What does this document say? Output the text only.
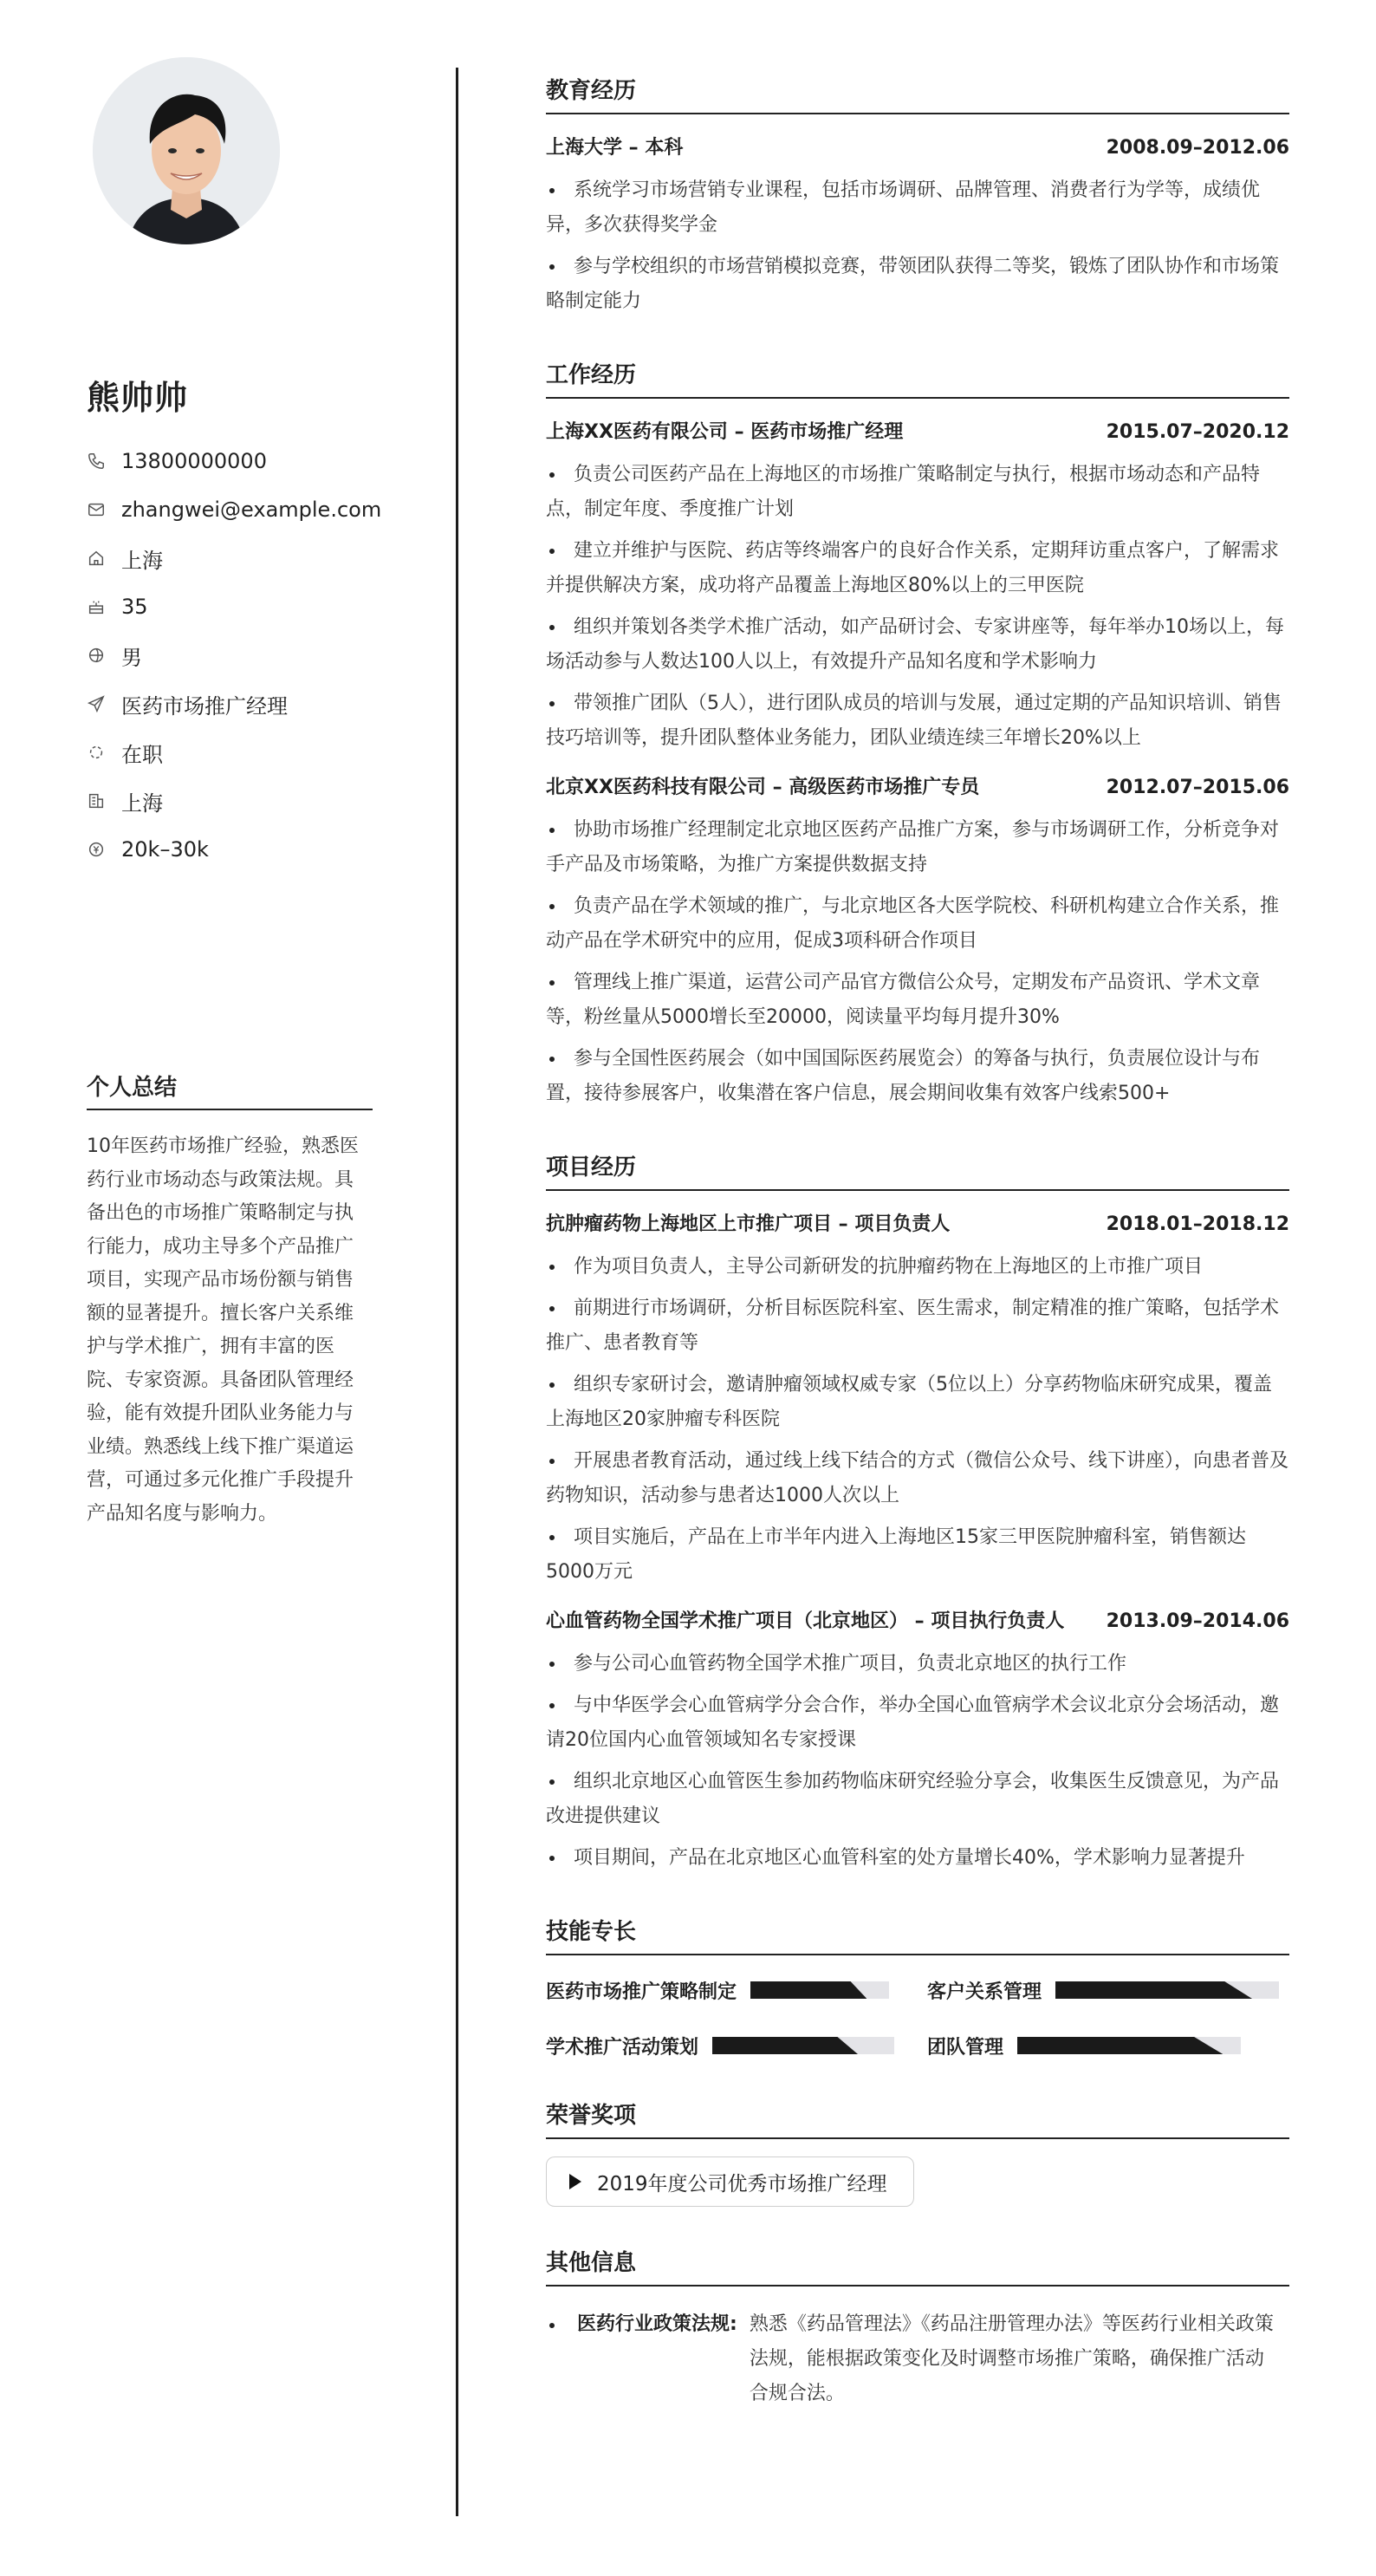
熊帅帅
13800000000
zhangwei@example.com
上海
35
男
医药市场推广经理
在职
上海
20k–30k
个人总结
10年医药市场推广经验，熟悉医药行业市场动态与政策法规。具备出色的市场推广策略制定与执行能力，成功主导多个产品推广项目，实现产品市场份额与销售额的显著提升。擅长客户关系维护与学术推广，拥有丰富的医院、专家资源。具备团队管理经验，能有效提升团队业务能力与业绩。熟悉线上线下推广渠道运营，可通过多元化推广手段提升产品知名度与影响力。
教育经历
上海大学 – 本科	2008.09–2012.06
系统学习市场营销专业课程，包括市场调研、品牌管理、消费者行为学等，成绩优异，多次获得奖学金
参与学校组织的市场营销模拟竞赛，带领团队获得二等奖，锻炼了团队协作和市场策略制定能力
工作经历
上海XX医药有限公司 – 医药市场推广经理	2015.07–2020.12
负责公司医药产品在上海地区的市场推广策略制定与执行，根据市场动态和产品特点，制定年度、季度推广计划
建立并维护与医院、药店等终端客户的良好合作关系，定期拜访重点客户，了解需求并提供解决方案，成功将产品覆盖上海地区80%以上的三甲医院
组织并策划各类学术推广活动，如产品研讨会、专家讲座等，每年举办10场以上，每场活动参与人数达100人以上，有效提升产品知名度和学术影响力
带领推广团队（5人），进行团队成员的培训与发展，通过定期的产品知识培训、销售技巧培训等，提升团队整体业务能力，团队业绩连续三年增长20%以上
北京XX医药科技有限公司 – 高级医药市场推广专员	2012.07–2015.06
协助市场推广经理制定北京地区医药产品推广方案，参与市场调研工作，分析竞争对手产品及市场策略，为推广方案提供数据支持
负责产品在学术领域的推广，与北京地区各大医学院校、科研机构建立合作关系，推动产品在学术研究中的应用，促成3项科研合作项目
管理线上推广渠道，运营公司产品官方微信公众号，定期发布产品资讯、学术文章等，粉丝量从5000增长至20000，阅读量平均每月提升30%
参与全国性医药展会（如中国国际医药展览会）的筹备与执行，负责展位设计与布置，接待参展客户，收集潜在客户信息，展会期间收集有效客户线索500+
项目经历
抗肿瘤药物上海地区上市推广项目 – 项目负责人	2018.01–2018.12
作为项目负责人，主导公司新研发的抗肿瘤药物在上海地区的上市推广项目
前期进行市场调研，分析目标医院科室、医生需求，制定精准的推广策略，包括学术推广、患者教育等
组织专家研讨会，邀请肿瘤领域权威专家（5位以上）分享药物临床研究成果，覆盖上海地区20家肿瘤专科医院
开展患者教育活动，通过线上线下结合的方式（微信公众号、线下讲座），向患者普及药物知识，活动参与患者达1000人次以上
项目实施后，产品在上市半年内进入上海地区15家三甲医院肿瘤科室，销售额达5000万元
心血管药物全国学术推广项目（北京地区） – 项目执行负责人 2013.09–2014.06
参与公司心血管药物全国学术推广项目，负责北京地区的执行工作
与中华医学会心血管病学分会合作，举办全国心血管病学术会议北京分会场活动，邀请20位国内心血管领域知名专家授课
组织北京地区心血管医生参加药物临床研究经验分享会，收集医生反馈意见，为产品改进提供建议
项目期间，产品在北京地区心血管科室的处方量增长40%，学术影响力显著提升
技能专长
医药市场推广策略制定	客户关系管理
学术推广活动策划	团队管理
荣誉奖项
2019年度公司优秀市场推广经理
其他信息
医药行业政策法规: 熟悉《药品管理法》《药品注册管理办法》等医药行业相关政策法规，能根据政策变化及时调整市场推广策略，确保推广活动合规合法。
